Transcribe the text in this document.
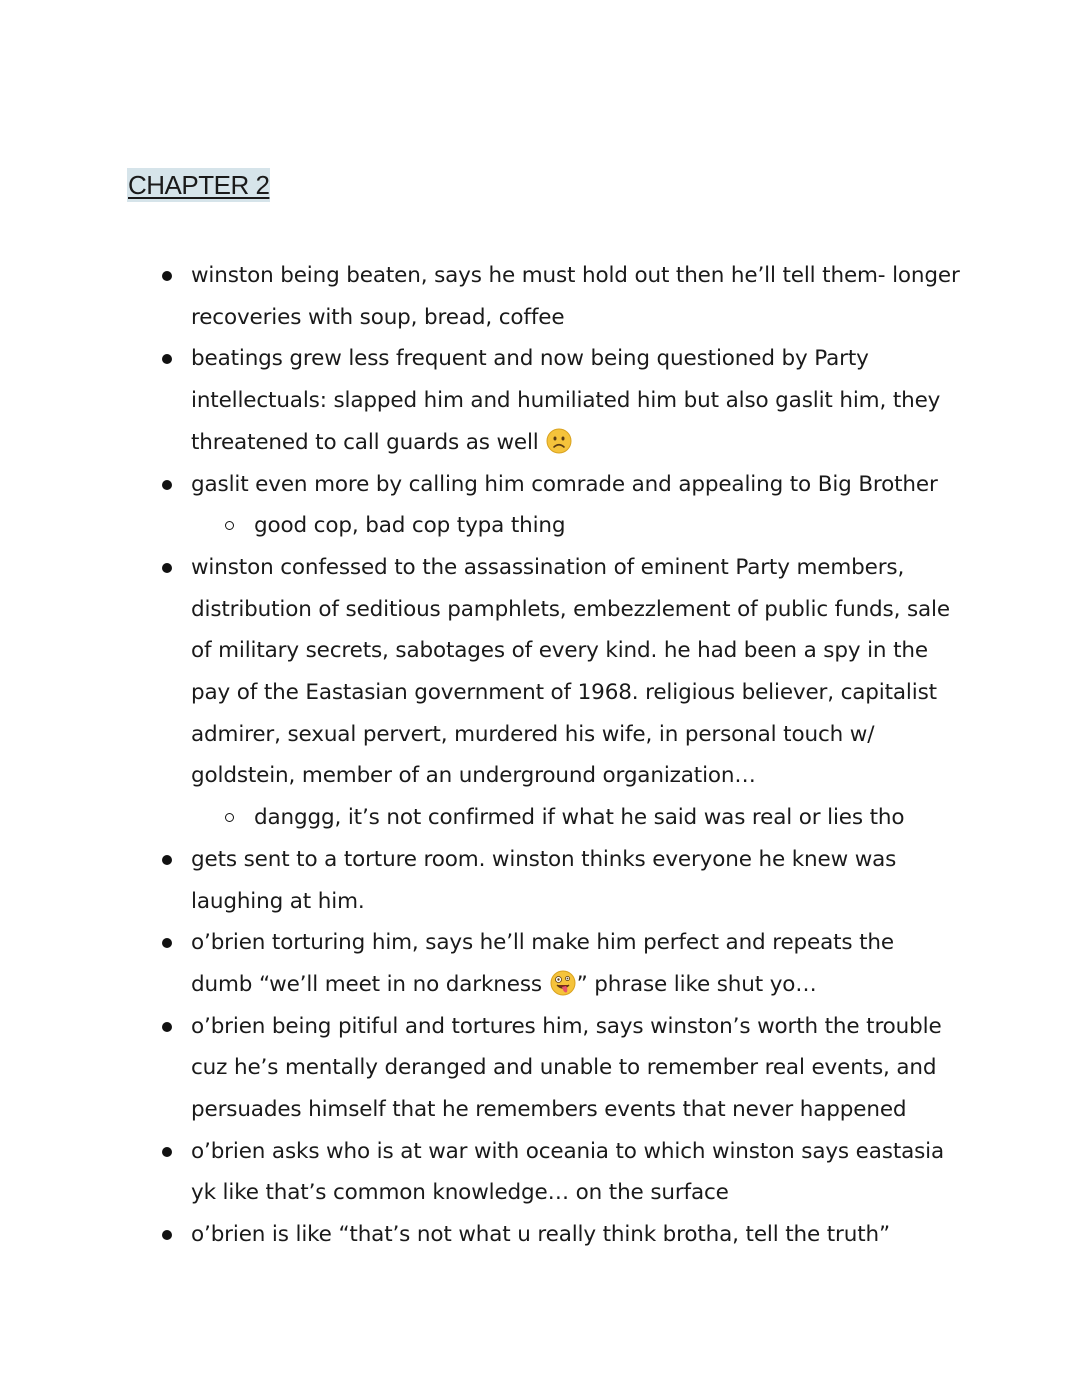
CHAPTER 2
winston being beaten, says he must hold out then he’ll tell them- longer recoveries with soup, bread, coffee
beatings grew less frequent and now being questioned by Party intellectuals: slapped him and humiliated him but also gaslit him, they threatened to call guards as well
gaslit even more by calling him comrade and appealing to Big Brother
good cop, bad cop typa thing
winston confessed to the assassination of eminent Party members, distribution of seditious pamphlets, embezzlement of public funds, sale of military secrets, sabotages of every kind. he had been a spy in the pay of the Eastasian government of 1968. religious believer, capitalist admirer, sexual pervert, murdered his wife, in personal touch w/ goldstein, member of an underground organization…
danggg, it’s not confirmed if what he said was real or lies tho
gets sent to a torture room. winston thinks everyone he knew was laughing at him.
o’brien torturing him, says he’ll make him perfect and repeats the dumb “we’ll meet in no darkness ” phrase like shut yo…
o’brien being pitiful and tortures him, says winston’s worth the trouble cuz he’s mentally deranged and unable to remember real events, and persuades himself that he remembers events that never happened
o’brien asks who is at war with oceania to which winston says eastasia yk like that’s common knowledge… on the surface
o’brien is like “that’s not what u really think brotha, tell the truth”
